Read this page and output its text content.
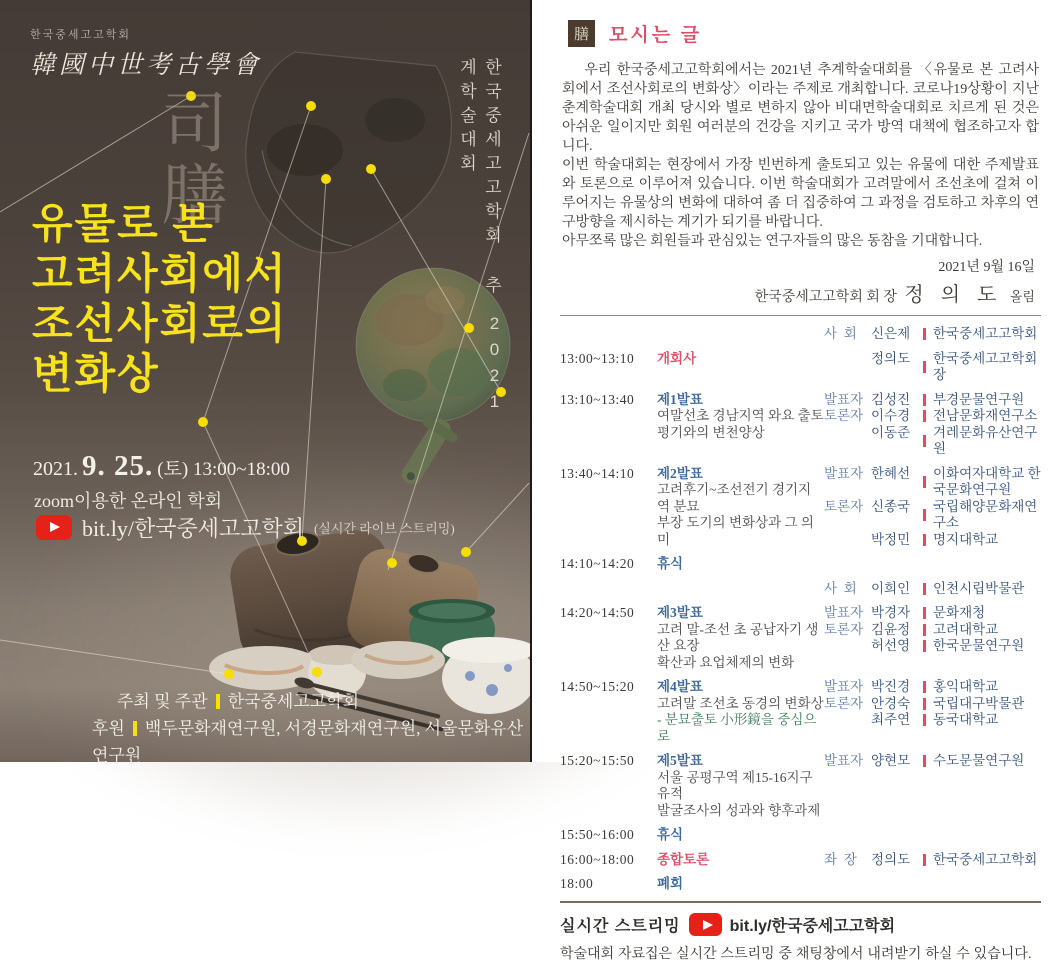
한국중세고고학회
韓國中世考古學會
司膳	한국중세고고학회 추계학술대회
2021
유물로 본
고려사회에서
조선사회로의
변화상
2021. 9. 25. (토) 13:00~18:00
zoom이용한 온라인 학회
bit.ly/한국중세고고학회 (실시간 라이브 스트리밍)
주최 및 주관 한국중세고고학회
후원 백두문화재연구원, 서경문화재연구원, 서울문화유산연구원
膳	모시는 글

우리 한국중세고고학회에서는 2021년 추계학술대회를 〈유물로 본 고려사회에서 조선사회로의 변화상〉이라는 주제로 개최합니다. 코로나19상황이 지난 춘계학술대회 개최 당시와 별로 변하지 않아 비대면학술대회로 치르게 된 것은 아쉬운 일이지만 회원 여러분의 건강을 지키고 국가 방역 대책에 협조하고자 합니다.

이번 학술대회는 현장에서 가장 빈번하게 출토되고 있는 유물에 대한 주제발표와 토론으로 이루어져 있습니다. 이번 학술대회가 고려말에서 조선초에 걸쳐 이루어지는 유물상의 변화에 대하여 좀 더 집중하여 그 과정을 검토하고 차후의 연구방향을 제시하는 계기가 되기를 바랍니다.

아무쪼록 많은 회원들과 관심있는 연구자들의 많은 동참을 기대합니다.

2021년 9월 16일
한국중세고고학회 회 장 정 의 도 올림
사  회	신은제	한국중세고고학회
13:00~13:10	개회사	정의도	한국중세고고학회장
13:10~13:40	제1발표
여말선초 경남지역 와요 출토
평기와의 변천양상
발표자 김성진	부경문물연구원
토론자 이수경	전남문화재연구소
이동준	겨레문화유산연구원
13:40~14:10	제2발표
고려후기~조선전기 경기지역 분묘
부장 도기의 변화상과 그 의미
발표자 한혜선	이화여자대학교 한국문화연구원
토론자 신종국	국립해양문화재연구소
박정민	명지대학교
14:10~14:20	휴식
사  회	이희인	인천시립박물관
14:20~14:50	제3발표
고려 말-조선 초 공납자기 생산 요장
확산과 요업체제의 변화
발표자 박경자	문화재청
토론자 김윤정	고려대학교
허선영	한국문물연구원
14:50~15:20	제4발표
고려말 조선초 동경의 변화상
- 분묘출토 小形鏡을 중심으로
발표자 박진경	홍익대학교
토론자 안경숙	국립대구박물관
최주연	동국대학교
15:20~15:50	제5발표
서울 공평구역 제15-16지구 유적
발굴조사의 성과와 향후과제
발표자 양현모	수도문물연구원
15:50~16:00	휴식
16:00~18:00	종합토론	좌  장	정의도	한국중세고고학회
18:00	폐회
실시간 스트리밍	bit.ly/한국중세고고학회
학술대회 자료집은 실시간 스트리밍 중 채팅창에서 내려받기 하실 수 있습니다.
